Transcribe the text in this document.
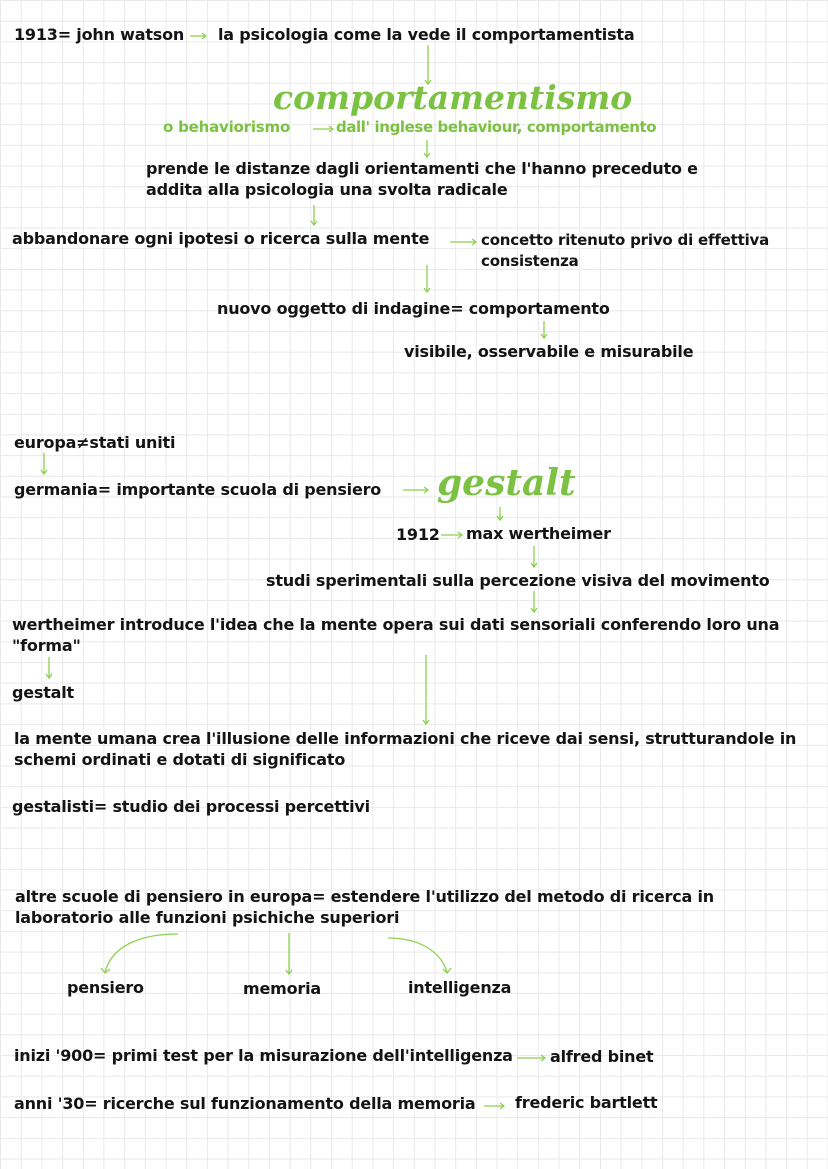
1913= john watson la psicologia come la vede il comportamentista
comportamentismo
o behaviorismo	dall' inglese behaviour, comportamento
prende le distanze dagli orientamenti che l'hanno preceduto e addita alla psicologia una svolta radicale
abbandonare ogni ipotesi o ricerca sulla mente	concetto ritenuto privo di effettiva consistenza
nuovo oggetto di indagine= comportamento
visibile, osservabile e misurabile
europa≠stati uniti
germania= importante scuola di pensiero gestalt
1912 max wertheimer
studi sperimentali sulla percezione visiva del movimento
wertheimer introduce l'idea che la mente opera sui dati sensoriali conferendo loro una "forma"
gestalt
la mente umana crea l'illusione delle informazioni che riceve dai sensi, strutturandole in schemi ordinati e dotati di significato
gestalisti= studio dei processi percettivi
altre scuole di pensiero in europa= estendere l'utilizzo del metodo di ricerca in laboratorio alle funzioni psichiche superiori
pensiero	memoria	intelligenza
inizi '900= primi test per la misurazione dell'intelligenza alfred binet
anni '30= ricerche sul funzionamento della memoria frederic bartlett
